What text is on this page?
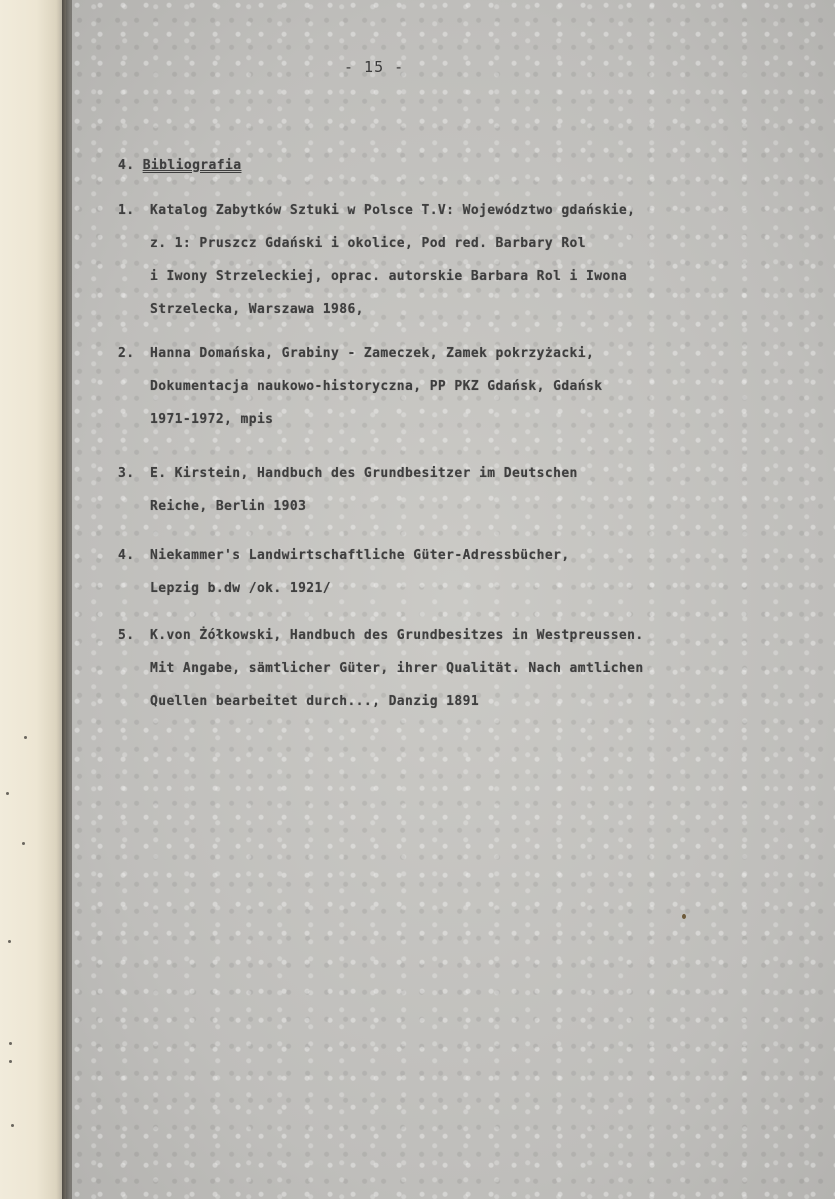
- 15 -
4. Bibliografia
1. Katalog Zabytków Sztuki w Polsce T.V: Województwo gdańskie,
z. 1: Pruszcz Gdański i okolice, Pod red. Barbary Rol
i Iwony Strzeleckiej, oprac. autorskie Barbara Rol i Iwona
Strzelecka, Warszawa 1986,
2. Hanna Domańska, Grabiny - Zameczek, Zamek pokrzyżacki,
Dokumentacja naukowo-historyczna, PP PKZ Gdańsk, Gdańsk
1971-1972, mpis
3. E. Kirstein, Handbuch des Grundbesitzer im Deutschen
Reiche, Berlin 1903
4. Niekammer's Landwirtschaftliche Güter-Adressbücher,
Lepzig b.dw /ok. 1921/
5. K.von Żółkowski, Handbuch des Grundbesitzes in Westpreussen.
Mit Angabe, sämtlicher Güter, ihrer Qualität. Nach amtlichen
Quellen bearbeitet durch..., Danzig 1891
